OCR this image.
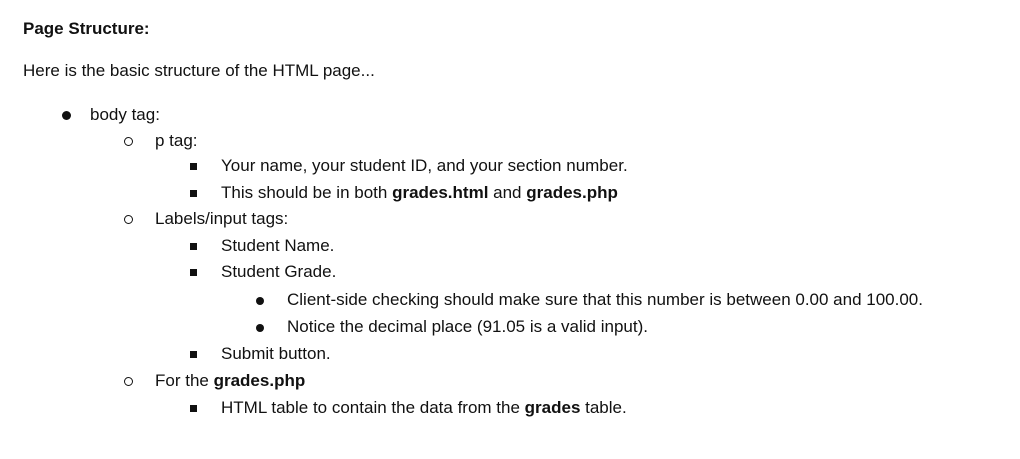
Page Structure:
Here is the basic structure of the HTML page...
body tag:
p tag:
Your name, your student ID, and your section number.
This should be in both grades.html and grades.php
Labels/input tags:
Student Name.
Student Grade.
Client-side checking should make sure that this number is between 0.00 and 100.00.
Notice the decimal place (91.05 is a valid input).
Submit button.
For the grades.php
HTML table to contain the data from the grades table.
